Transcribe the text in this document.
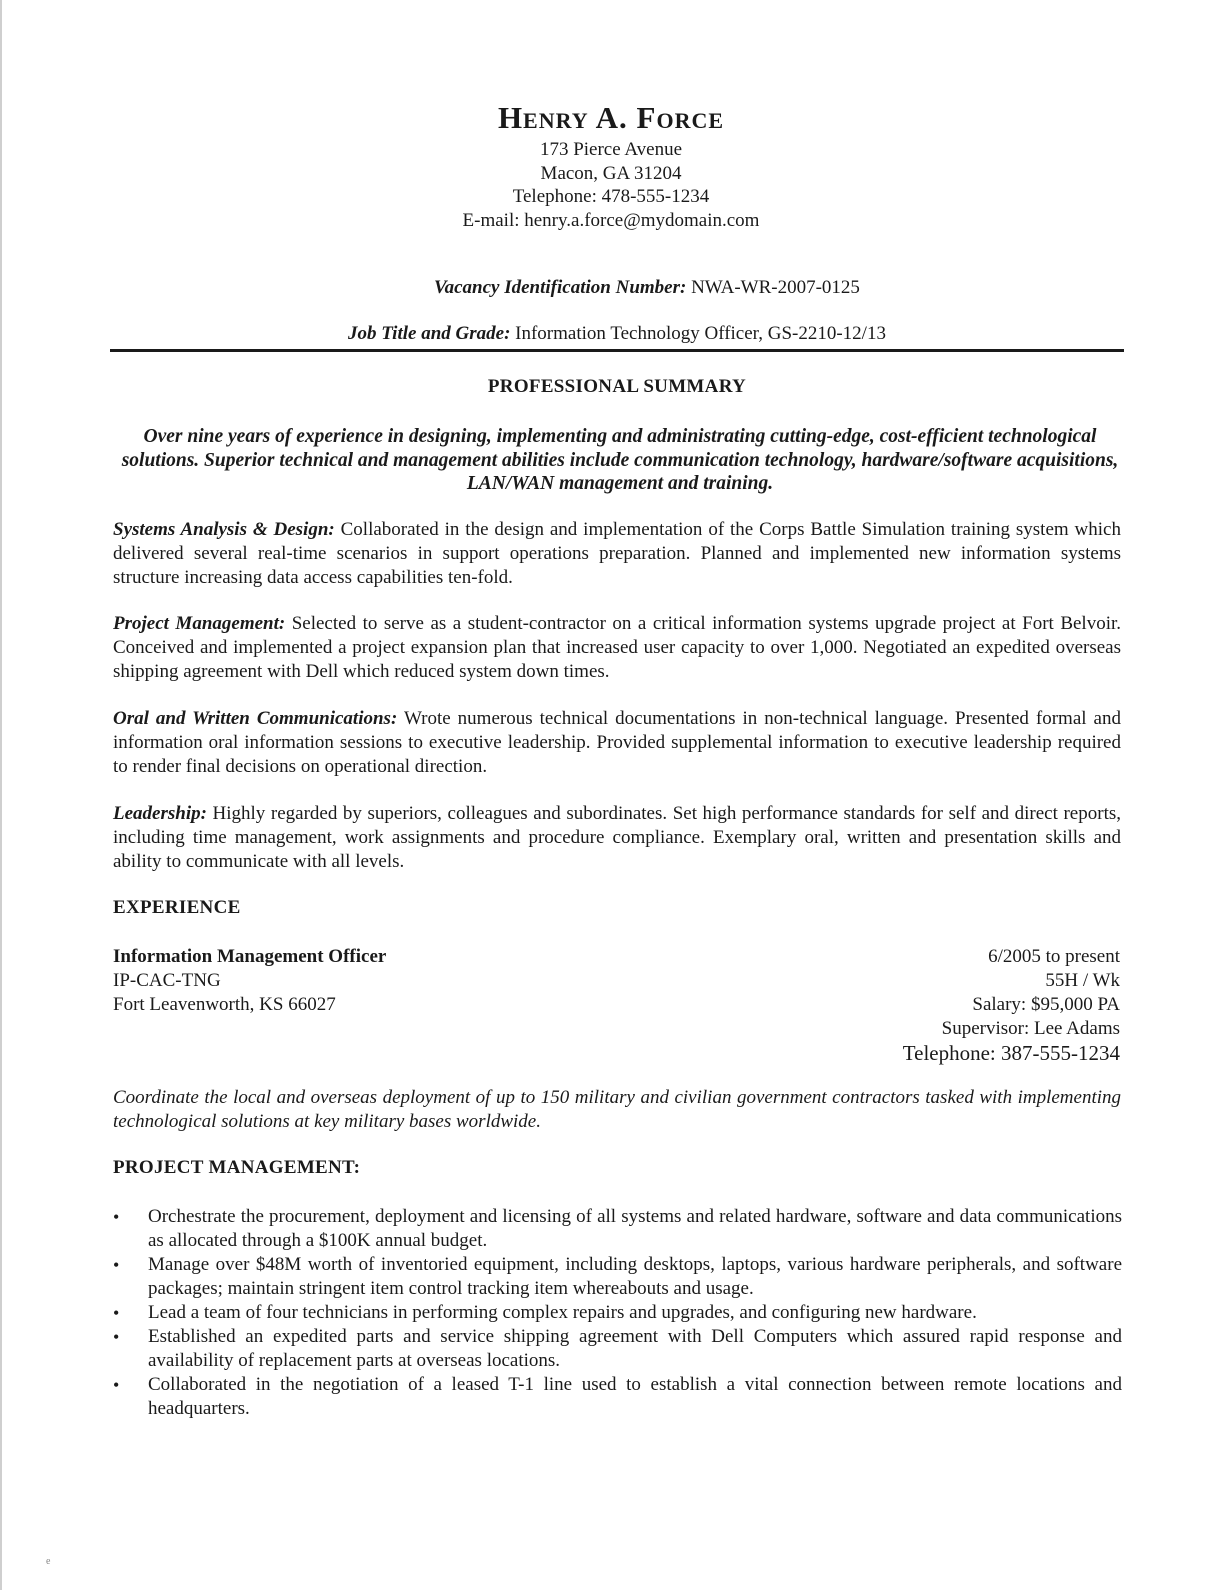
Henry A. Force
173 Pierce Avenue
Macon, GA 31204
Telephone: 478-555-1234
E-mail: henry.a.force@mydomain.com
Vacancy Identification Number: NWA-WR-2007-0125
Job Title and Grade: Information Technology Officer, GS-2210-12/13
PROFESSIONAL SUMMARY
Over nine years of experience in designing, implementing and administrating cutting-edge, cost-efficient technological solutions. Superior technical and management abilities include communication technology, hardware/software acquisitions, LAN/WAN management and training.
Systems Analysis & Design: Collaborated in the design and implementation of the Corps Battle Simulation training system which delivered several real-time scenarios in support operations preparation. Planned and implemented new information systems structure increasing data access capabilities ten-fold.
Project Management: Selected to serve as a student-contractor on a critical information systems upgrade project at Fort Belvoir. Conceived and implemented a project expansion plan that increased user capacity to over 1,000. Negotiated an expedited overseas shipping agreement with Dell which reduced system down times.
Oral and Written Communications: Wrote numerous technical documentations in non-technical language. Presented formal and information oral information sessions to executive leadership. Provided supplemental information to executive leadership required to render final decisions on operational direction.
Leadership: Highly regarded by superiors, colleagues and subordinates. Set high performance standards for self and direct reports, including time management, work assignments and procedure compliance. Exemplary oral, written and presentation skills and ability to communicate with all levels.
EXPERIENCE
Information Management Officer
IP-CAC-TNG
Fort Leavenworth, KS 66027
6/2005 to present
55H / Wk
Salary: $95,000 PA
Supervisor: Lee Adams
Telephone: 387-555-1234
Coordinate the local and overseas deployment of up to 150 military and civilian government contractors tasked with implementing technological solutions at key military bases worldwide.
PROJECT MANAGEMENT:
• Orchestrate the procurement, deployment and licensing of all systems and related hardware, software and data communications as allocated through a $100K annual budget.
• Manage over $48M worth of inventoried equipment, including desktops, laptops, various hardware peripherals, and software packages; maintain stringent item control tracking item whereabouts and usage.
• Lead a team of four technicians in performing complex repairs and upgrades, and configuring new hardware.
• Established an expedited parts and service shipping agreement with Dell Computers which assured rapid response and availability of replacement parts at overseas locations.
• Collaborated in the negotiation of a leased T-1 line used to establish a vital connection between remote locations and headquarters.
e
